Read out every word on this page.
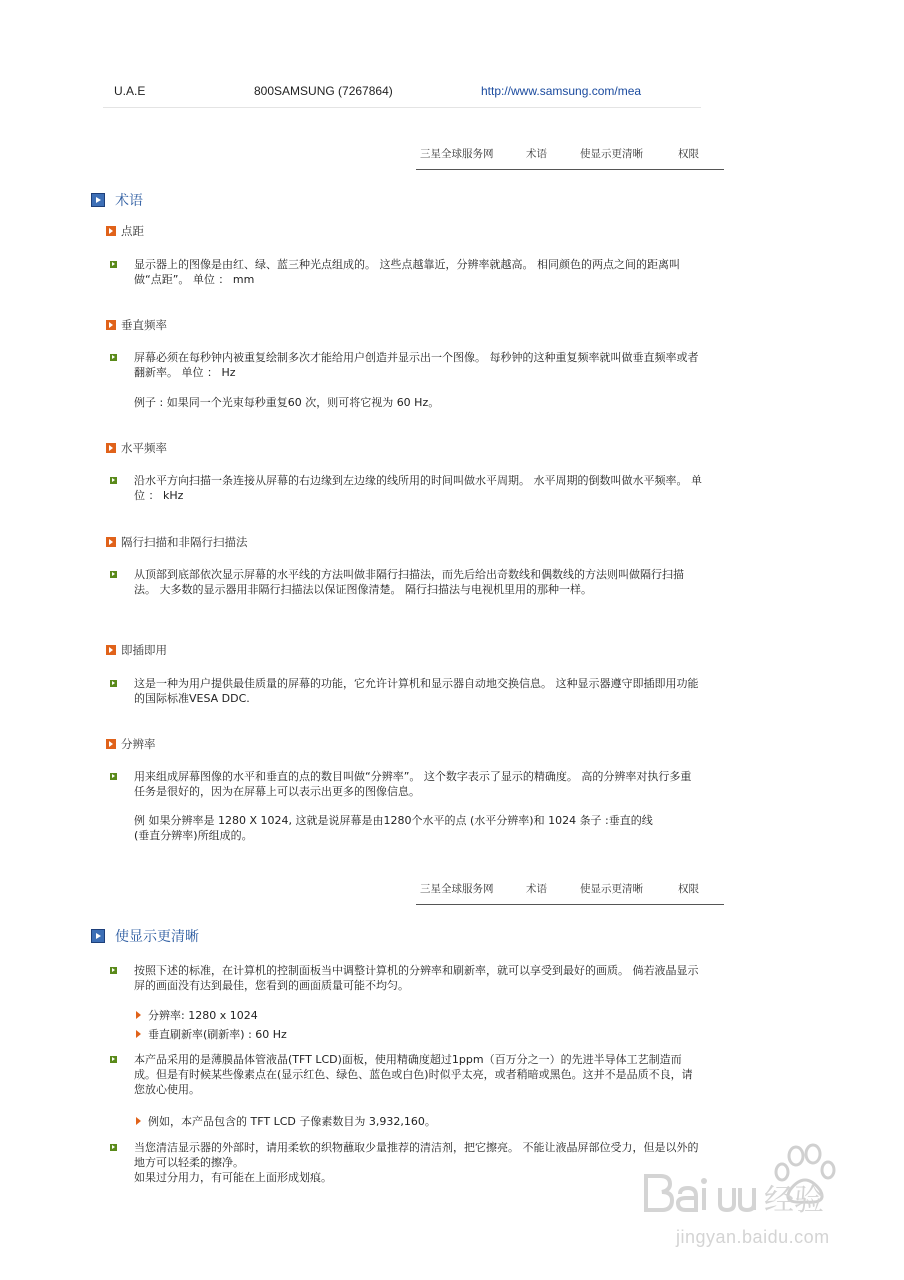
U.A.E	800SAMSUNG (7267864)	http://www.samsung.com/mea
三星全球服务网	术语	使显示更清晰	权限
术语
点距
显示器上的图像是由红、绿、蓝三种光点组成的。 这些点越靠近，分辨率就越高。 相同颜色的两点之间的距离叫做“点距”。 单位 ： mm
垂直频率
屏幕必须在每秒钟内被重复绘制多次才能给用户创造并显示出一个图像。 每秒钟的这种重复频率就叫做垂直频率或者翻新率。 单位 ： Hz
例子 : 如果同一个光束每秒重复60 次，则可将它视为 60 Hz。
水平频率
沿水平方向扫描一条连接从屏幕的右边缘到左边缘的线所用的时间叫做水平周期。 水平周期的倒数叫做水平频率。 单位 ： kHz
隔行扫描和非隔行扫描法
从顶部到底部依次显示屏幕的水平线的方法叫做非隔行扫描法，而先后给出奇数线和偶数线的方法则叫做隔行扫描法。 大多数的显示器用非隔行扫描法以保证图像清楚。 隔行扫描法与电视机里用的那种一样。
即插即用
这是一种为用户提供最佳质量的屏幕的功能，它允许计算机和显示器自动地交换信息。 这种显示器遵守即插即用功能的国际标准VESA DDC.
分辨率
用来组成屏幕图像的水平和垂直的点的数目叫做“分辨率”。 这个数字表示了显示的精确度。 高的分辨率对执行多重任务是很好的，因为在屏幕上可以表示出更多的图像信息。
例 如果分辨率是 1280 X 1024, 这就是说屏幕是由1280个水平的点 (水平分辨率)和 1024 条子 :垂直的线(垂直分辨率)所组成的。
三星全球服务网	术语	使显示更清晰	权限
使显示更清晰
按照下述的标准，在计算机的控制面板当中调整计算机的分辨率和刷新率，就可以享受到最好的画质。 倘若液晶显示屏的画面没有达到最佳，您看到的画面质量可能不均匀。
分辨率: 1280 x 1024
垂直刷新率(刷新率) : 60 Hz
本产品采用的是薄膜晶体管液晶(TFT LCD)面板，使用精确度超过1ppm（百万分之一）的先进半导体工艺制造而成。但是有时候某些像素点在(显示红色、绿色、蓝色或白色)时似乎太亮，或者稍暗或黑色。这并不是品质不良，请您放心使用。
例如，本产品包含的 TFT LCD 子像素数目为 3,932,160。
当您清洁显示器的外部时，请用柔软的织物蘸取少量推荐的清洁剂，把它擦亮。 不能让液晶屏部位受力，但是以外的地方可以轻柔的擦净。
如果过分用力，有可能在上面形成划痕。
经验
jingyan.baidu.com
